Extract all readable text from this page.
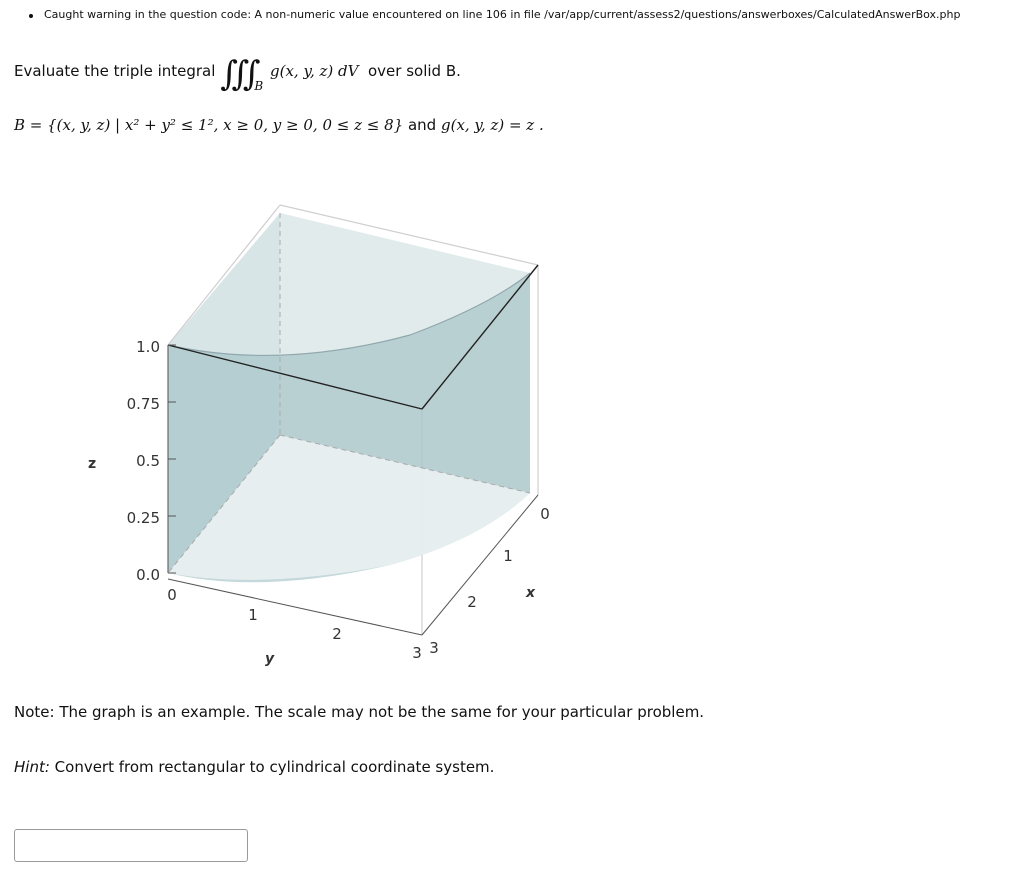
Caught warning in the question code: A non-numeric value encountered on line 106 in file /var/app/current/assess2/questions/answerboxes/CalculatedAnswerBox.php
Evaluate the triple integral ∭ $_B$ g(x, y, z) dV over solid B.
B = {(x, y, z) | x² + y² ≤ 1², x ≥ 0, y ≥ 0, 0 ≤ z ≤ 8} and g(x, y, z) = z .
1.0
0.75
0.5
0.25
0.0
z
0
1
2
3
y
0
1
2
3
x
Note: The graph is an example. The scale may not be the same for your particular problem.
Hint: Convert from rectangular to cylindrical coordinate system.
